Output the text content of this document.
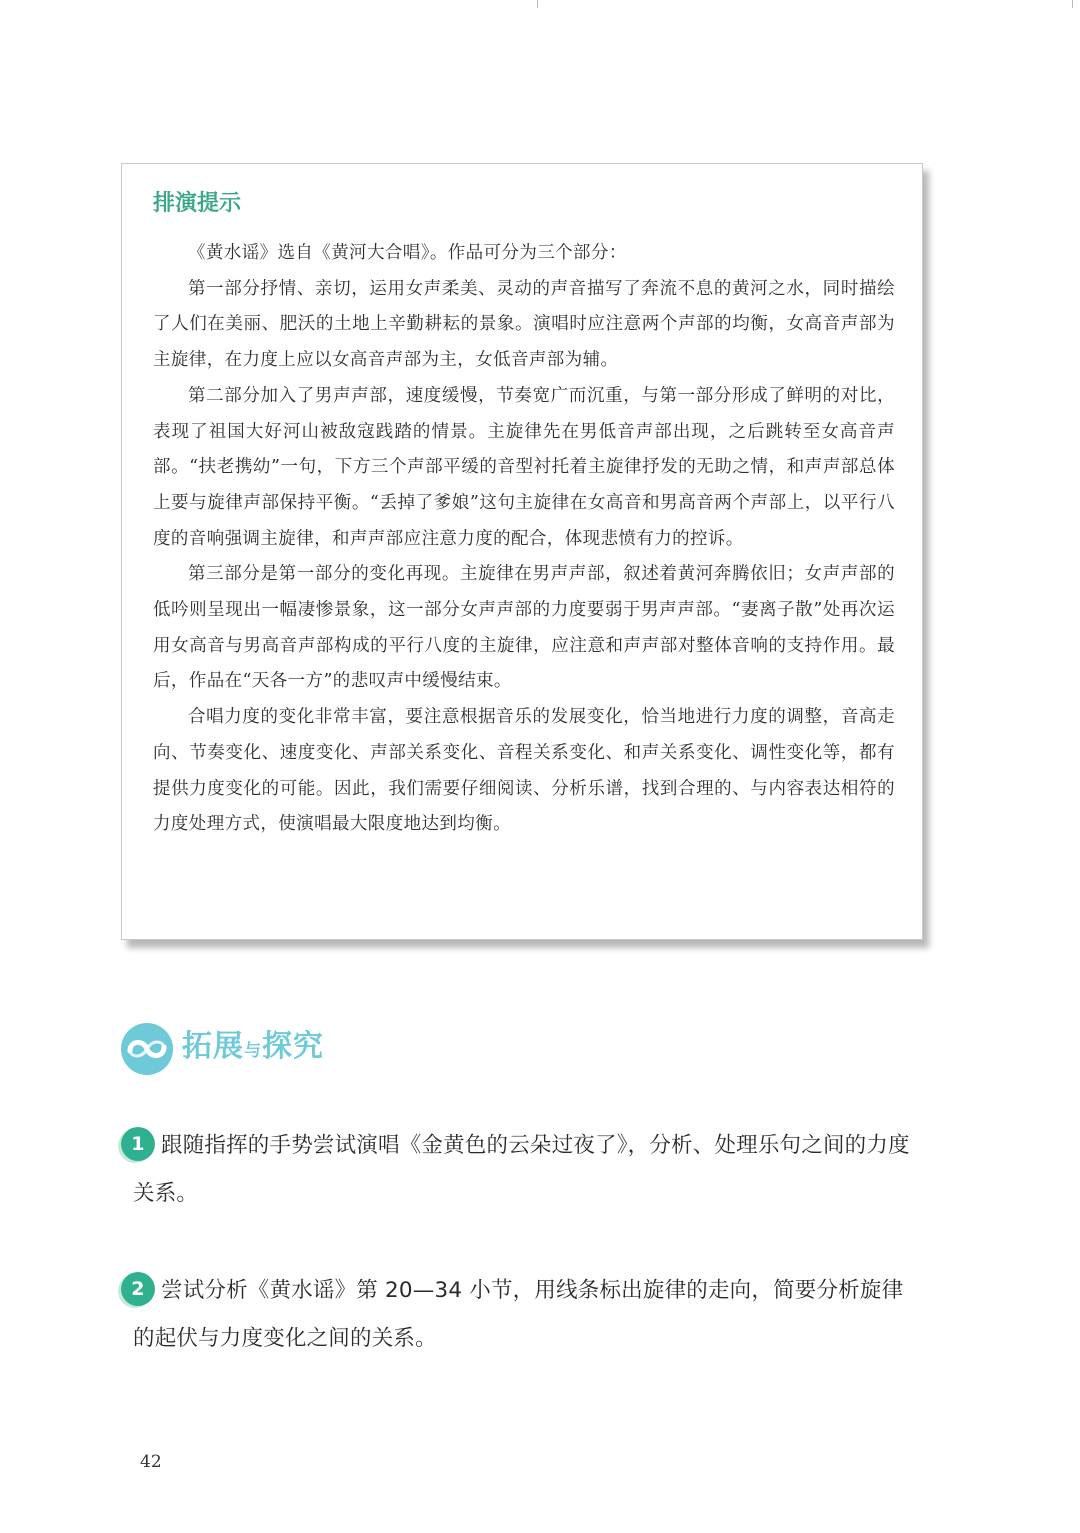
排演提示

《黄水谣》选自《黄河大合唱》。作品可分为三个部分：

第一部分抒情、亲切，运用女声柔美、灵动的声音描写了奔流不息的黄河之水，同时描绘了人们在美丽、肥沃的土地上辛勤耕耘的景象。演唱时应注意两个声部的均衡，女高音声部为主旋律，在力度上应以女高音声部为主，女低音声部为辅。

第二部分加入了男声声部，速度缓慢，节奏宽广而沉重，与第一部分形成了鲜明的对比，表现了祖国大好河山被敌寇践踏的情景。主旋律先在男低音声部出现，之后跳转至女高音声部。“扶老携幼”一句，下方三个声部平缓的音型衬托着主旋律抒发的无助之情，和声声部总体上要与旋律声部保持平衡。“丢掉了爹娘”这句主旋律在女高音和男高音两个声部上，以平行八度的音响强调主旋律，和声声部应注意力度的配合，体现悲愤有力的控诉。

第三部分是第一部分的变化再现。主旋律在男声声部，叙述着黄河奔腾依旧；女声声部的低吟则呈现出一幅凄惨景象，这一部分女声声部的力度要弱于男声声部。“妻离子散”处再次运用女高音与男高音声部构成的平行八度的主旋律，应注意和声声部对整体音响的支持作用。最后，作品在“天各一方”的悲叹声中缓慢结束。

合唱力度的变化非常丰富，要注意根据音乐的发展变化，恰当地进行力度的调整，音高走向、节奏变化、速度变化、声部关系变化、音程关系变化、和声关系变化、调性变化等，都有提供力度变化的可能。因此，我们需要仔细阅读、分析乐谱，找到合理的、与内容表达相符的力度处理方式，使演唱最大限度地达到均衡。

拓展与探究
1 跟随指挥的手势尝试演唱《金黄色的云朵过夜了》，分析、处理乐句之间的力度关系。
2 尝试分析《黄水谣》第 20—34 小节，用线条标出旋律的走向，简要分析旋律的起伏与力度变化之间的关系。
42
